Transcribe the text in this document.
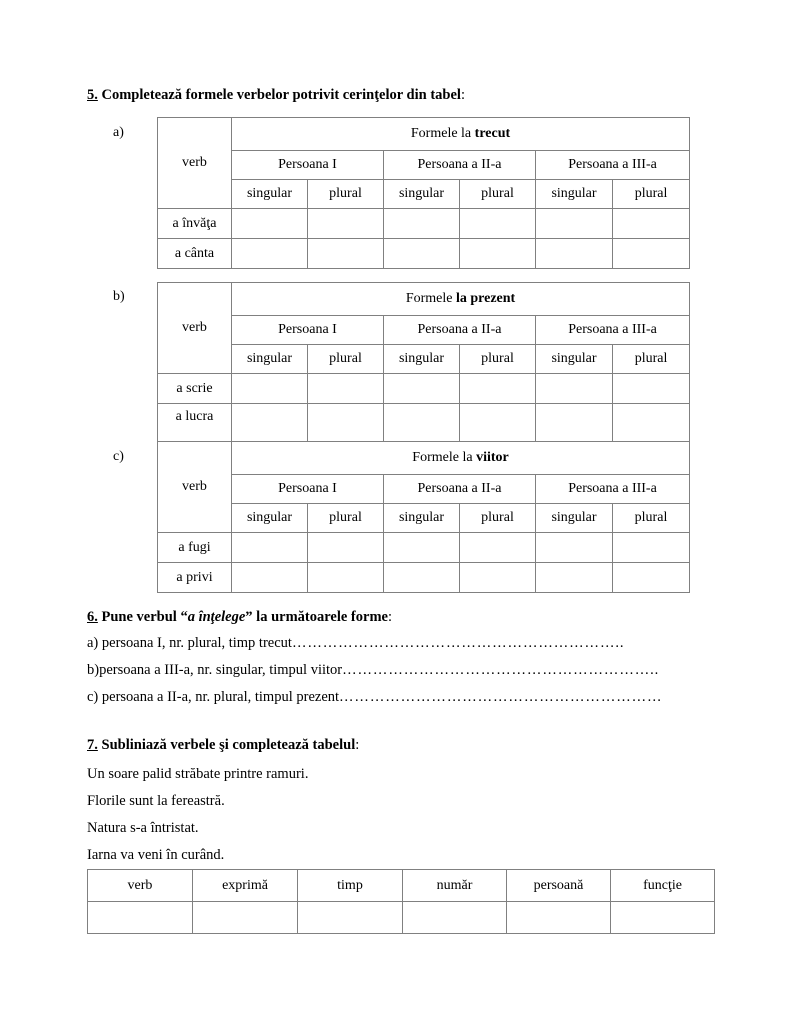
5. Completează formele verbelor potrivit cerinţelor din tabel:
a)
verb	Formele la trecut					
	Persoana I		Persoana a II-a		Persoana a III-a	
	singular	plural	singular	plural	singular	plural
a învăţa						
a cânta						
b)
verb	Formele la prezent					
	Persoana I		Persoana a II-a		Persoana a III-a	
	singular	plural	singular	plural	singular	plural
a scrie						
a lucra						
c)
verb	Formele la viitor					
	Persoana I		Persoana a II-a		Persoana a III-a	
	singular	plural	singular	plural	singular	plural
a fugi						
a privi						
6. Pune verbul “a înţelege” la următoarele forme:
a) persoana I, nr. plural, timp trecut………………………………………………………..
b)persoana a III-a, nr. singular, timpul viitor……………………………………………………..
c) persoana a II-a, nr. plural, timpul prezent………………………………………………………
7. Subliniază verbele şi completează tabelul:
Un soare palid străbate printre ramuri.
Florile sunt la fereastră.
Natura s-a întristat.
Iarna va veni în curând.
verb	exprimă	timp	număr	persoană	funcţie
